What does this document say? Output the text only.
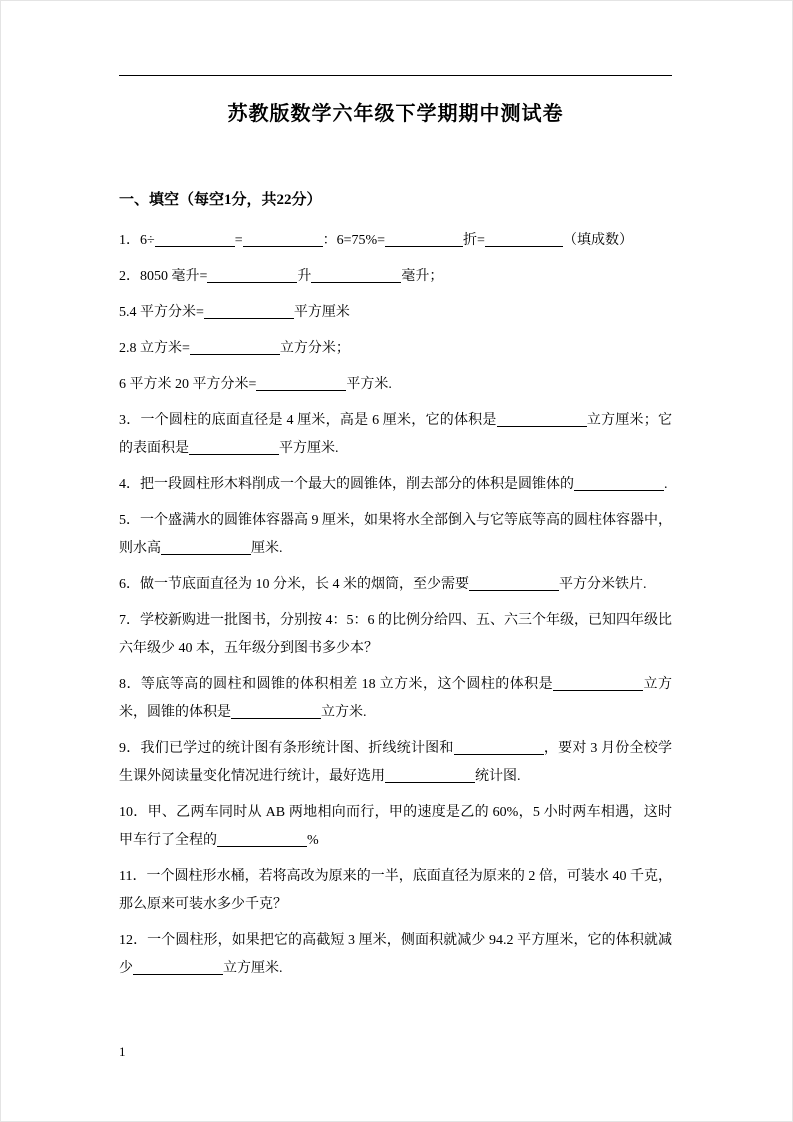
苏教版数学六年级下学期期中测试卷
一、填空（每空1分，共22分）

1．6÷	=	：6=75%=	折=	（填成数）

2．8050 毫升=	升	毫升；

5.4 平方分米=	平方厘米

2.8 立方米=	立方分米；

6 平方米 20 平方分米=	平方米.

3．一个圆柱的底面直径是 4 厘米，高是 6 厘米，它的体积是	立方厘米；它的表面积是	平方厘米.

4．把一段圆柱形木料削成一个最大的圆锥体，削去部分的体积是圆锥体的	.

5．一个盛满水的圆锥体容器高 9 厘米，如果将水全部倒入与它等底等高的圆柱体容器中，则水高	厘米.

6．做一节底面直径为 10 分米，长 4 米的烟筒，至少需要	平方分米铁片.

7．学校新购进一批图书，分别按 4：5：6 的比例分给四、五、六三个年级，已知四年级比六年级少 40 本，五年级分到图书多少本？

8．等底等高的圆柱和圆锥的体积相差 18 立方米，这个圆柱的体积是	立方米，圆锥的体积是	立方米.

9．我们已学过的统计图有条形统计图、折线统计图和	，要对 3 月份全校学生课外阅读量变化情况进行统计，最好选用	统计图.

10．甲、乙两车同时从 AB 两地相向而行，甲的速度是乙的 60%，5 小时两车相遇，这时甲车行了全程的	%

11．一个圆柱形水桶，若将高改为原来的一半，底面直径为原来的 2 倍，可装水 40 千克，那么原来可装水多少千克？

12．一个圆柱形，如果把它的高截短 3 厘米，侧面积就减少 94.2 平方厘米，它的体积就减少	立方厘米.

1
